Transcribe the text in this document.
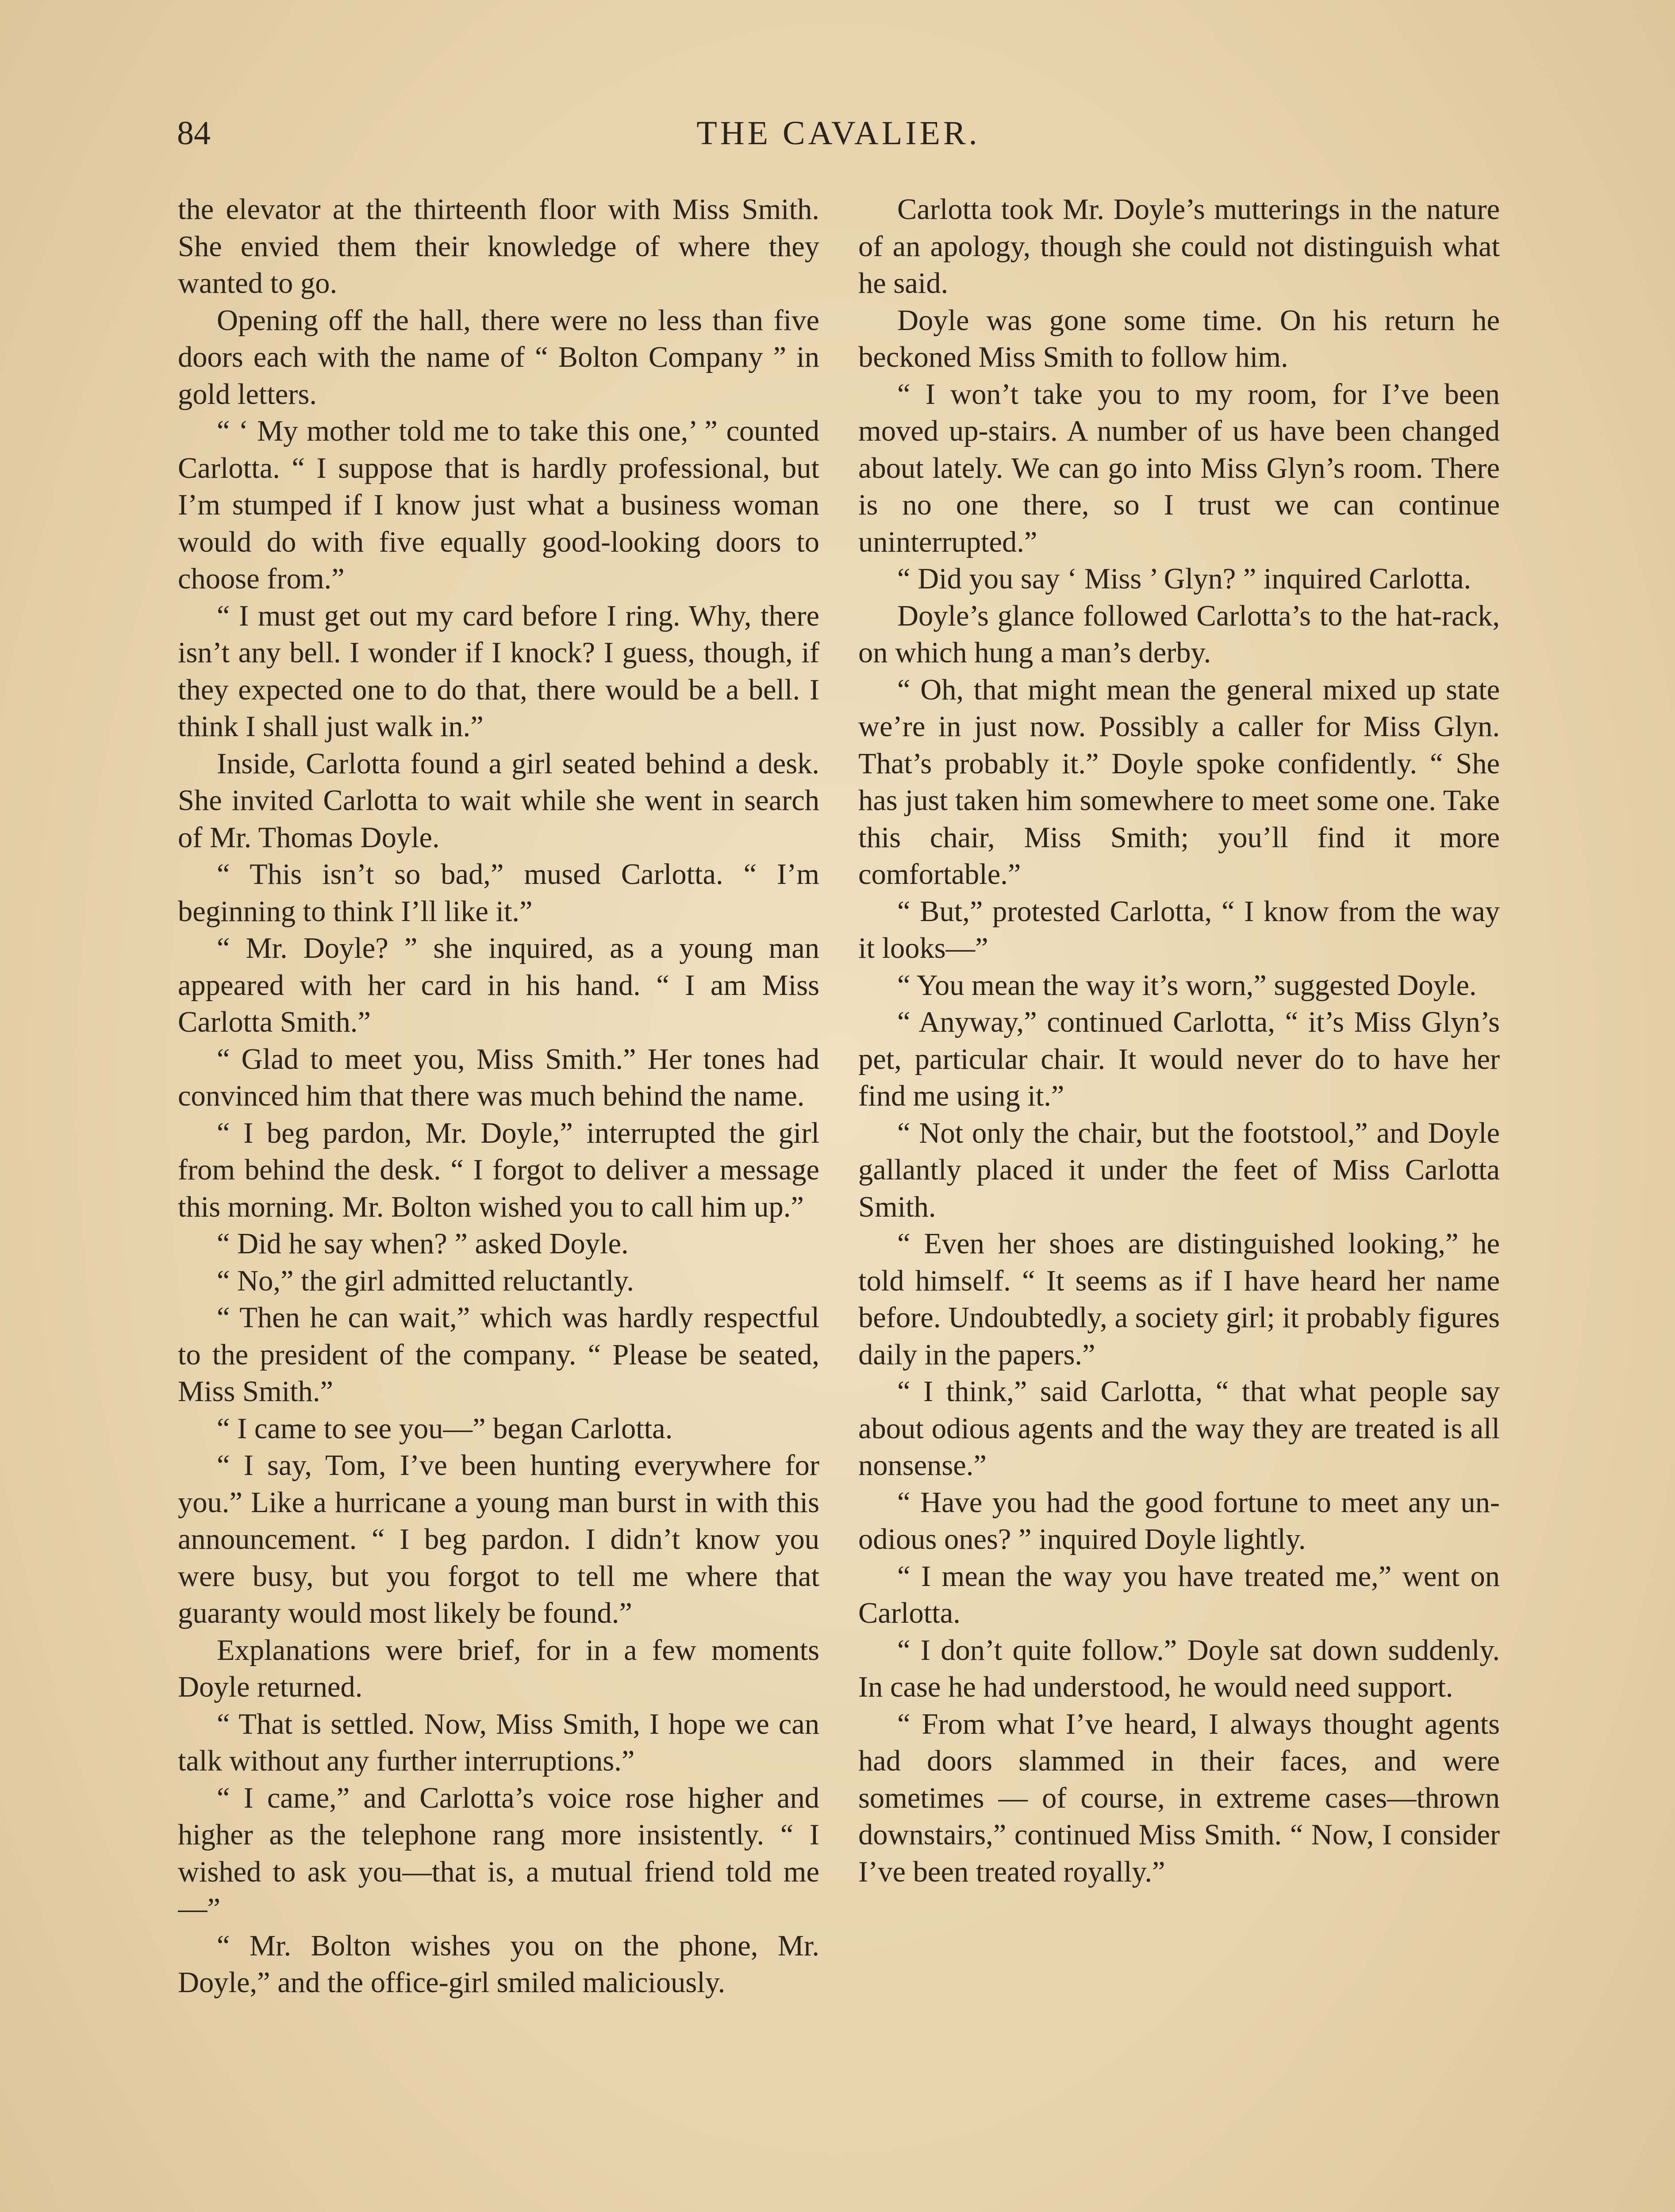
84	THE CAVALIER.

the elevator at the thirteenth floor with Miss Smith. She envied them their knowledge of where they wanted to go.

Opening off the hall, there were no less than five doors each with the name of “ Bolton Company ” in gold letters.

“ ‘ My mother told me to take this one,’ ” counted Carlotta. “ I suppose that is hardly professional, but I’m stumped if I know just what a business woman would do with five equally good-looking doors to choose from.”

“ I must get out my card before I ring. Why, there isn’t any bell. I wonder if I knock? I guess, though, if they expected one to do that, there would be a bell. I think I shall just walk in.”

Inside, Carlotta found a girl seated behind a desk. She invited Carlotta to wait while she went in search of Mr. Thomas Doyle.

“ This isn’t so bad,” mused Carlotta. “ I’m beginning to think I’ll like it.”

“ Mr. Doyle? ” she inquired, as a young man appeared with her card in his hand. “ I am Miss Carlotta Smith.”

“ Glad to meet you, Miss Smith.” Her tones had convinced him that there was much behind the name.

“ I beg pardon, Mr. Doyle,” interrupted the girl from behind the desk. “ I forgot to deliver a message this morning. Mr. Bolton wished you to call him up.”

“ Did he say when? ” asked Doyle.

“ No,” the girl admitted reluctantly.

“ Then he can wait,” which was hardly respectful to the president of the company. “ Please be seated, Miss Smith.”

“ I came to see you—” began Carlotta.

“ I say, Tom, I’ve been hunting everywhere for you.” Like a hurricane a young man burst in with this announcement. “ I beg pardon. I didn’t know you were busy, but you forgot to tell me where that guaranty would most likely be found.”

Explanations were brief, for in a few moments Doyle returned.

“ That is settled. Now, Miss Smith, I hope we can talk without any further interruptions.”

“ I came,” and Carlotta’s voice rose higher and higher as the telephone rang more insistently. “ I wished to ask you—that is, a mutual friend told me—”

“ Mr. Bolton wishes you on the phone, Mr. Doyle,” and the office-girl smiled maliciously.

Carlotta took Mr. Doyle’s mutterings in the nature of an apology, though she could not distinguish what he said.

Doyle was gone some time. On his return he beckoned Miss Smith to follow him.

“ I won’t take you to my room, for I’ve been moved up-stairs. A number of us have been changed about lately. We can go into Miss Glyn’s room. There is no one there, so I trust we can continue uninterrupted.”

“ Did you say ‘ Miss ’ Glyn? ” inquired Carlotta.

Doyle’s glance followed Carlotta’s to the hat-rack, on which hung a man’s derby.

“ Oh, that might mean the general mixed up state we’re in just now. Possibly a caller for Miss Glyn. That’s probably it.” Doyle spoke confidently. “ She has just taken him somewhere to meet some one. Take this chair, Miss Smith; you’ll find it more comfortable.”

“ But,” protested Carlotta, “ I know from the way it looks—”

“ You mean the way it’s worn,” suggested Doyle.

“ Anyway,” continued Carlotta, “ it’s Miss Glyn’s pet, particular chair. It would never do to have her find me using it.”

“ Not only the chair, but the footstool,” and Doyle gallantly placed it under the feet of Miss Carlotta Smith.

“ Even her shoes are distinguished looking,” he told himself. “ It seems as if I have heard her name before. Undoubtedly, a society girl; it probably figures daily in the papers.”

“ I think,” said Carlotta, “ that what people say about odious agents and the way they are treated is all nonsense.”

“ Have you had the good fortune to meet any un-odious ones? ” inquired Doyle lightly.

“ I mean the way you have treated me,” went on Carlotta.

“ I don’t quite follow.” Doyle sat down suddenly. In case he had understood, he would need support.

“ From what I’ve heard, I always thought agents had doors slammed in their faces, and were sometimes — of course, in extreme cases—thrown downstairs,” continued Miss Smith. “ Now, I consider I’ve been treated royally.”
